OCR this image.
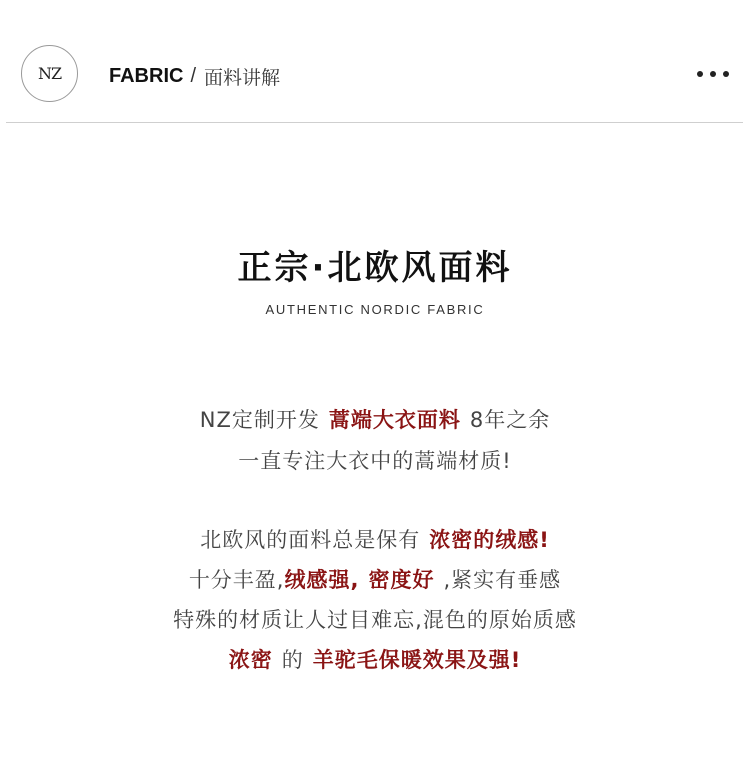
NZ FABRIC / 面料讲解
正宗·北欧风面料
AUTHENTIC NORDIC FABRIC
NZ定制开发 蒿端大衣面料 8年之余
一直专注大衣中的蒿端材质!
北欧风的面料总是保有 浓密的绒感!
十分丰盈,绒感强, 密度好 ,紧实有垂感
特殊的材质让人过目难忘,混色的原始质感
浓密 的 羊驼毛保暖效果及强!
